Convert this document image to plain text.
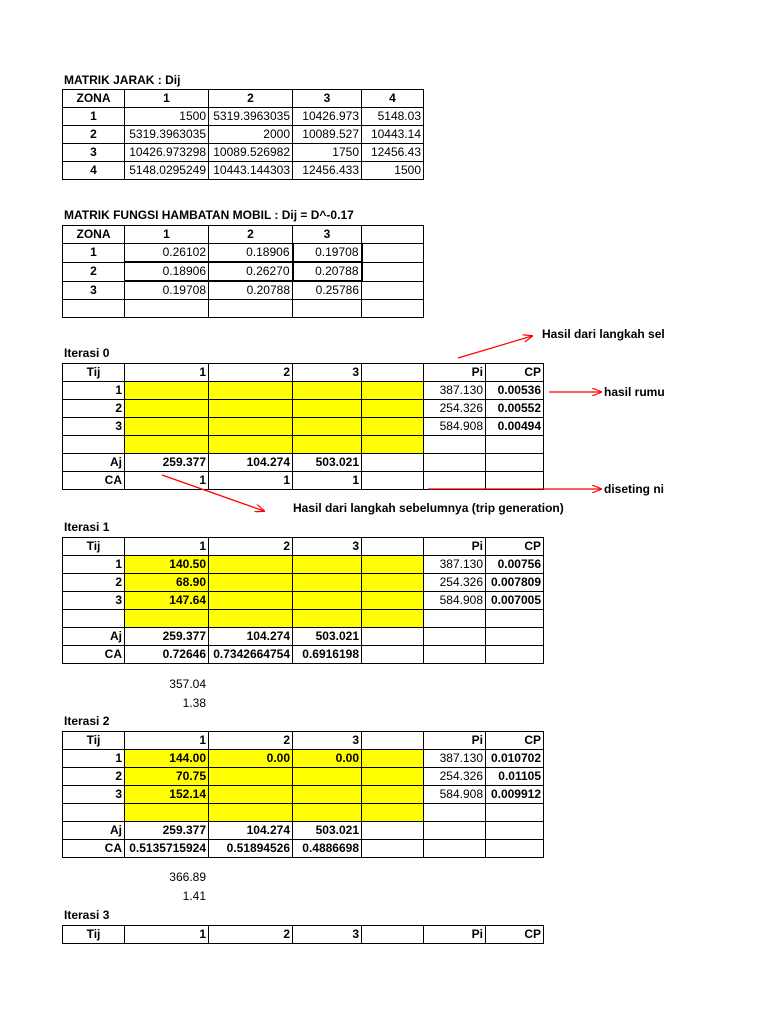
MATRIK JARAK : Dij
ZONA	1	2	3	4
1	1500	5319.3963035	10426.973	5148.03
2	5319.3963035	2000	10089.527	10443.14
3	10426.973298	10089.526982	1750	12456.43
4	5148.0295249	10443.144303	12456.433	1500
MATRIK FUNGSI HAMBATAN MOBIL : Dij = D^-0.17
ZONA	1	2	3	
1	0.26102	0.18906	0.19708	
2	0.18906	0.26270	0.20788	
3	0.19708	0.20788	0.25786	

Iterasi 0
Tij	1	2	3		Pi	CP
1					387.130	0.00536
2					254.326	0.00552
3					584.908	0.00494

Aj	259.377	104.274	503.021			
CA	1	1	1			
Iterasi 1
Tij	1	2	3		Pi	CP
1	140.50				387.130	0.00756
2	68.90				254.326	0.007809
3	147.64				584.908	0.007005

Aj	259.377	104.274	503.021			
CA	0.72646	0.7342664754	0.6916198			
357.04
1.38
Iterasi 2
Tij	1	2	3		Pi	CP
1	144.00	0.00	0.00		387.130	0.010702
2	70.75				254.326	0.01105
3	152.14				584.908	0.009912

Aj	259.377	104.274	503.021			
CA	0.5135715924	0.51894526	0.4886698			
366.89
1.41
Iterasi 3
Tij	1	2	3		Pi	CP
Hasil dari langkah sel
hasil rumu
diseting ni
Hasil dari langkah sebelumnya (trip generation)
